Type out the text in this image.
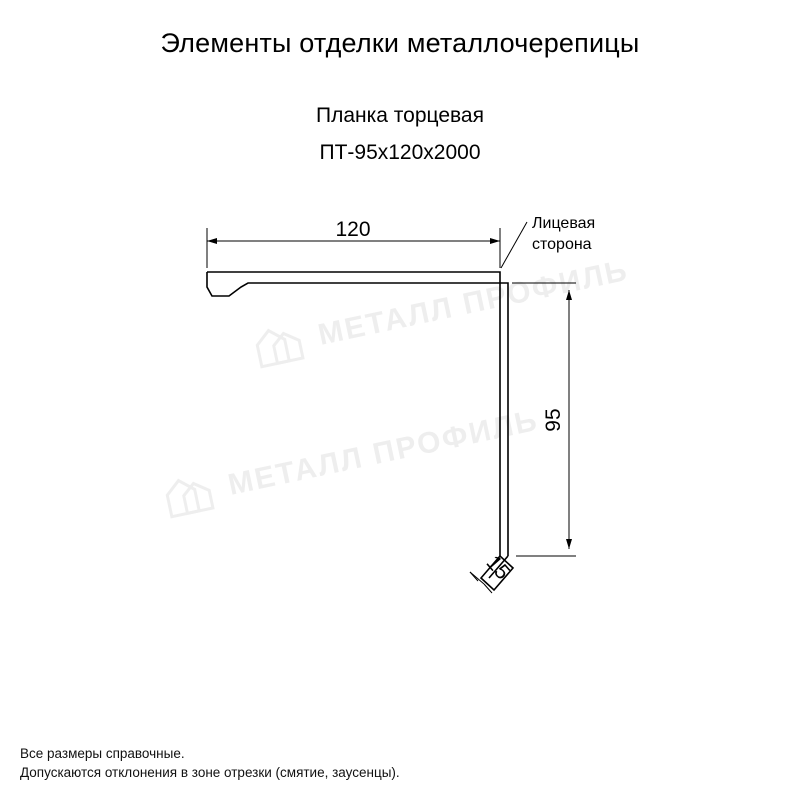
Элементы отделки металлочерепицы
Планка торцевая
ПТ-95x120x2000
МЕТАЛЛ ПРОФИЛЬ
МЕТАЛЛ ПРОФИЛЬ
120
95
15
Лицевая
сторона
Все размеры справочные.
Допускаются отклонения в зоне отрезки (смятие, заусенцы).
